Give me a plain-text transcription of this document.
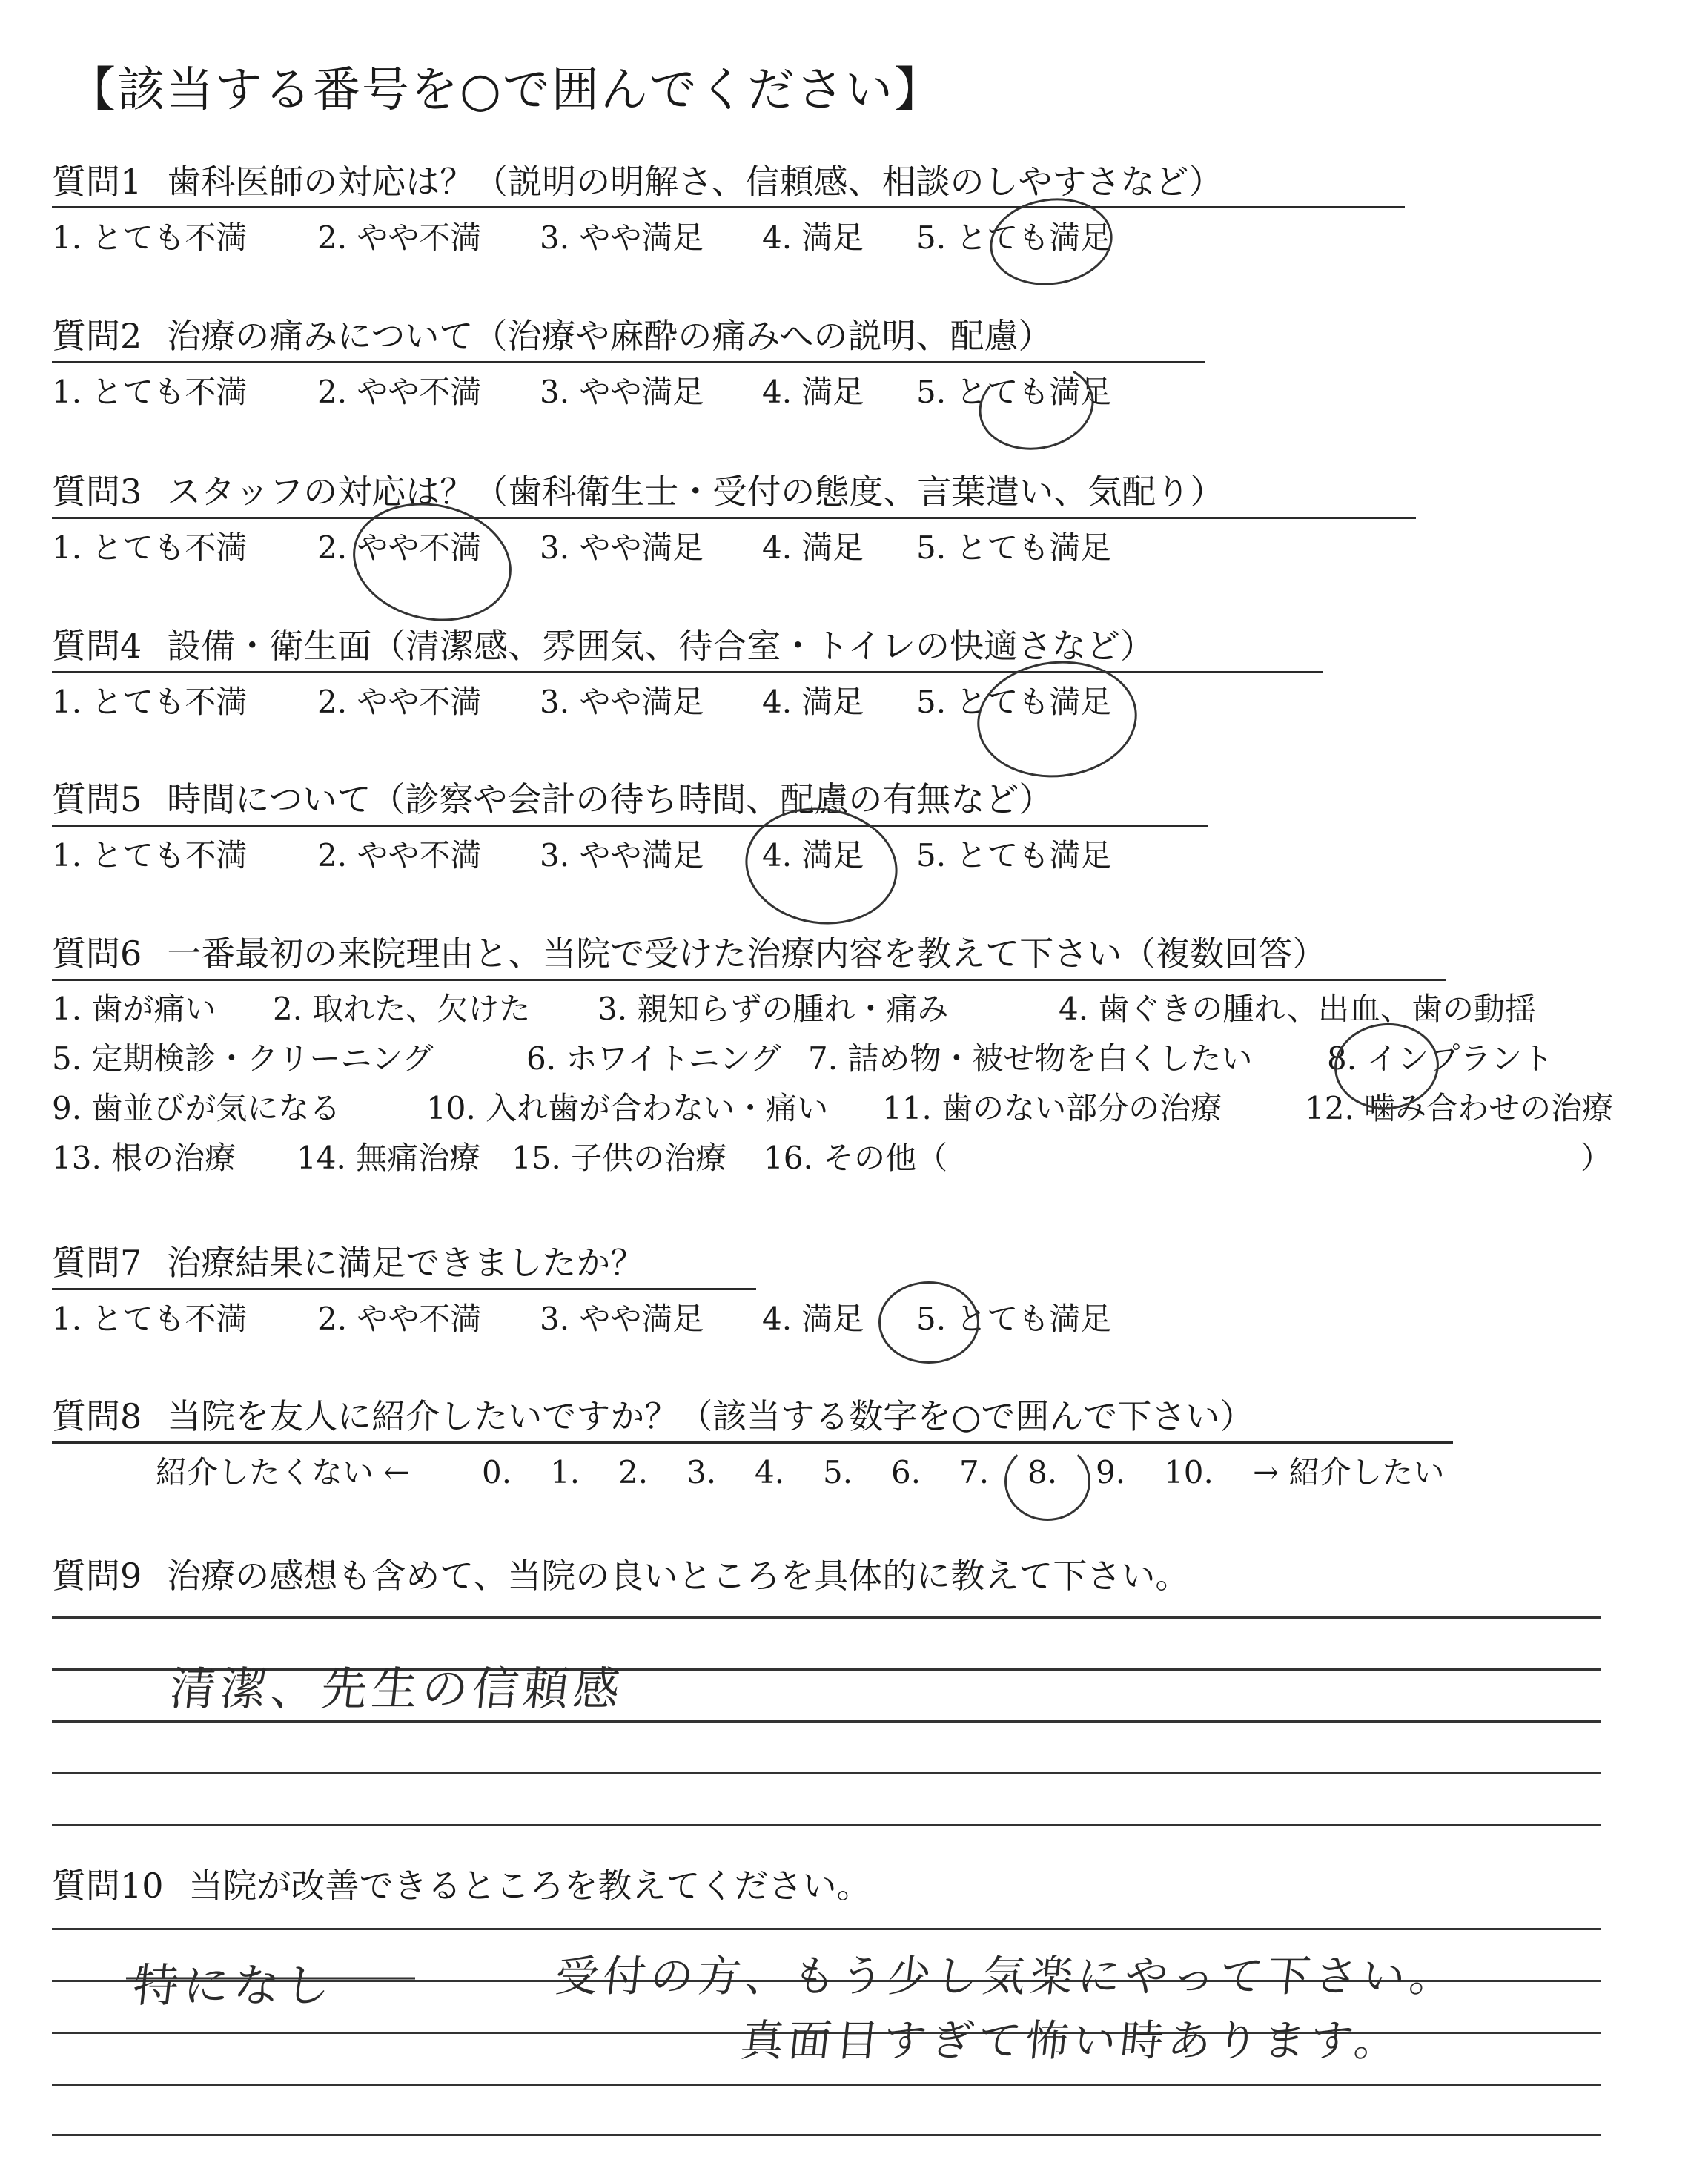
【該当する番号を○で囲んでください】
質問1 歯科医師の対応は？（説明の明解さ、信頼感、相談のしやすさなど）
1. とても不満 2. やや不満 3. やや満足 4. 満足 5. とても満足
質問2 治療の痛みについて（治療や麻酔の痛みへの説明、配慮）
1. とても不満 2. やや不満 3. やや満足 4. 満足 5. とても満足
質問3 スタッフの対応は？（歯科衛生士・受付の態度、言葉遣い、気配り）
1. とても不満 2. やや不満 3. やや満足 4. 満足 5. とても満足
質問4 設備・衛生面（清潔感、雰囲気、待合室・トイレの快適さなど）
1. とても不満 2. やや不満 3. やや満足 4. 満足 5. とても満足
質問5 時間について（診察や会計の待ち時間、配慮の有無など）
1. とても不満 2. やや不満 3. やや満足 4. 満足 5. とても満足
質問6 一番最初の来院理由と、当院で受けた治療内容を教えて下さい（複数回答）
1. 歯が痛い 2. 取れた、欠けた 3. 親知らずの腫れ・痛み	4. 歯ぐきの腫れ、出血、歯の動揺
5. 定期検診・クリーニング	6. ホワイトニング 7. 詰め物・被せ物を白くしたい 8. インプラント
9. 歯並びが気になる	10. 入れ歯が合わない・痛い 11. 歯のない部分の治療	12. 噛み合わせの治療
13. 根の治療 14. 無痛治療 15. 子供の治療 16. その他（	）
質問7 治療結果に満足できましたか？
1. とても不満 2. やや不満 3. やや満足 4. 満足 5. とても満足
質問8 当院を友人に紹介したいですか？（該当する数字を○で囲んで下さい）
紹介したくない ← 0. 1. 2. 3. 4. 5. 6. 7. 8. 9. 10. → 紹介したい
質問9 治療の感想も含めて、当院の良いところを具体的に教えて下さい。
清潔、先生の信頼感
質問10 当院が改善できるところを教えてください。
特になし	受付の方、もう少し気楽にやって下さい。
真面目すぎて怖い時あります。
